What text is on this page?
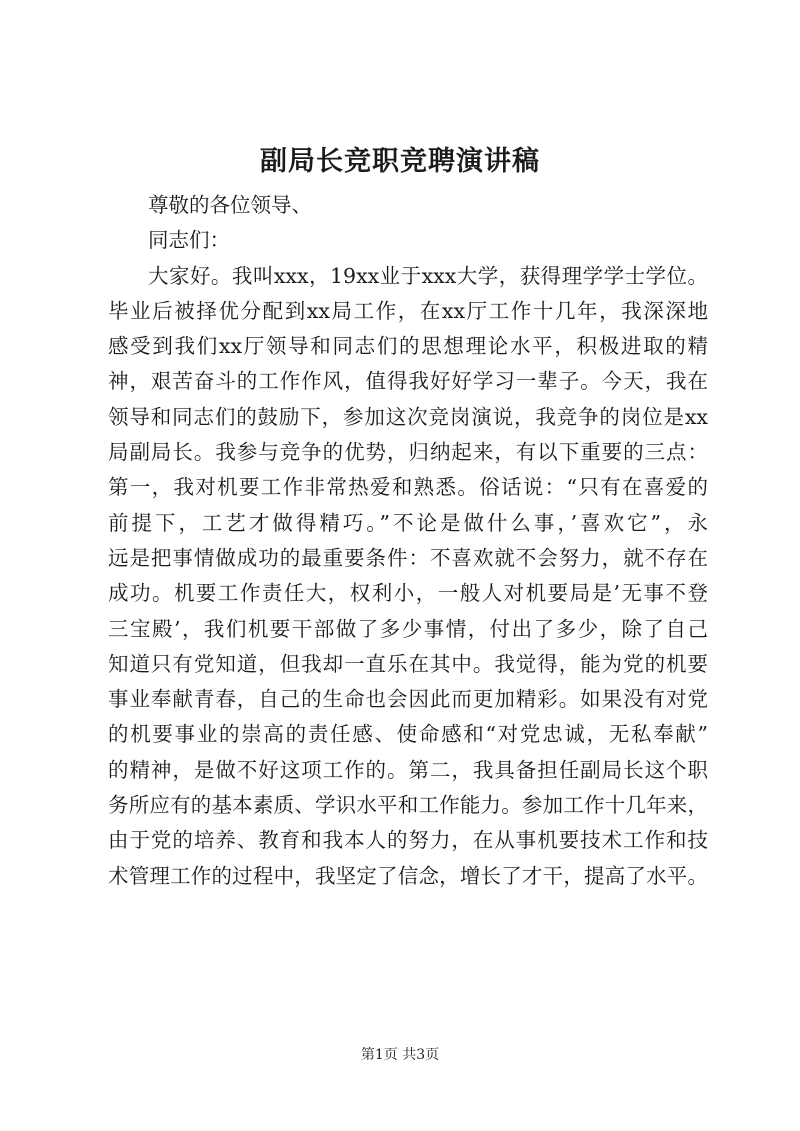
副局长竞职竞聘演讲稿
尊敬的各位领导、
同志们：
大家好。我叫xxx，19xx业于xxx大学，获得理学学士学位。
毕业后被择优分配到xx局工作，在xx厅工作十几年，我深深地
感受到我们xx厅领导和同志们的思想理论水平，积极进取的精
神，艰苦奋斗的工作作风，值得我好好学习一辈子。今天，我在
领导和同志们的鼓励下，参加这次竞岗演说，我竞争的岗位是xx
局副局长。我参与竞争的优势，归纳起来，有以下重要的三点：
第一，我对机要工作非常热爱和熟悉。俗话说：“只有在喜爱的
前提下，工艺才做得精巧。”不论是做什么事，’喜欢它”，永
远是把事情做成功的最重要条件：不喜欢就不会努力，就不存在
成功。机要工作责任大，权利小，一般人对机要局是’无事不登
三宝殿’，我们机要干部做了多少事情，付出了多少，除了自己
知道只有党知道，但我却一直乐在其中。我觉得，能为党的机要
事业奉献青春，自己的生命也会因此而更加精彩。如果没有对党
的机要事业的崇高的责任感、使命感和“对党忠诚，无私奉献”
的精神，是做不好这项工作的。第二，我具备担任副局长这个职
务所应有的基本素质、学识水平和工作能力。参加工作十几年来，
由于党的培养、教育和我本人的努力，在从事机要技术工作和技
术管理工作的过程中，我坚定了信念，增长了才干，提高了水平。
第1页 共3页
